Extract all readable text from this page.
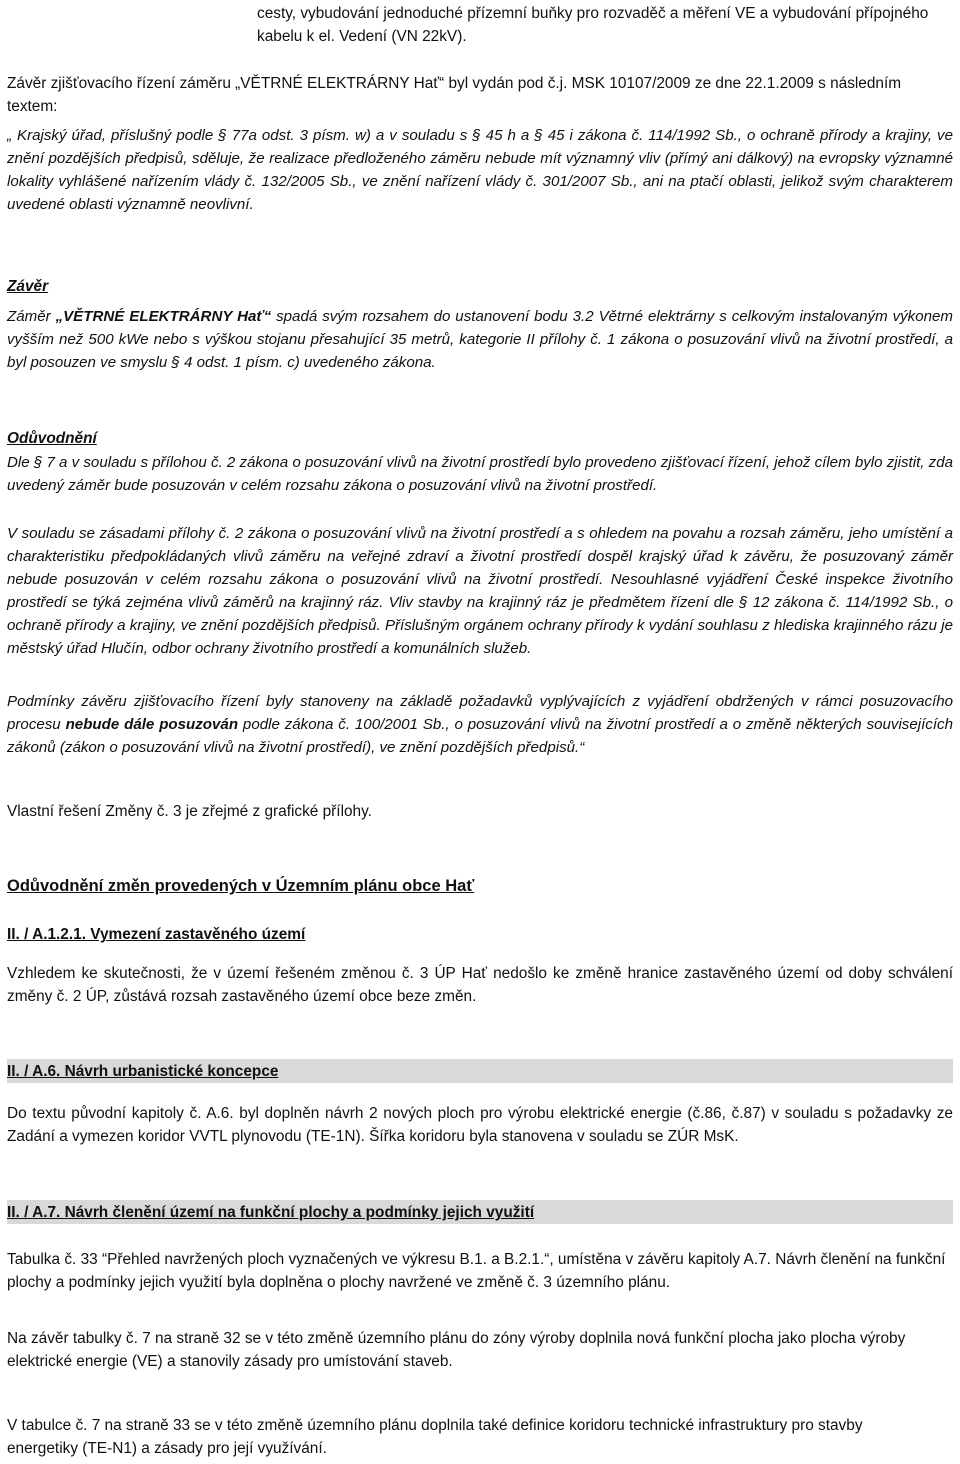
cesty, vybudování jednoduché přízemní buňky pro rozvaděč a měření VE a vybudování přípojného kabelu k el. Vedení (VN 22kV).

Závěr zjišťovacího řízení záměru „VĚTRNÉ ELEKTRÁRNY Hať“ byl vydán pod č.j. MSK 10107/2009 ze dne 22.1.2009 s následním textem:

„ Krajský úřad, příslušný podle § 77a odst. 3 písm. w) a v souladu s § 45 h a § 45 i zákona č. 114/1992 Sb., o ochraně přírody a krajiny, ve znění pozdějších předpisů, sděluje, že realizace předloženého záměru nebude mít významný vliv (přímý ani dálkový) na evropsky významné lokality vyhlášené nařízením vlády č. 132/2005 Sb., ve znění nařízení vlády č. 301/2007 Sb., ani na ptačí oblasti, jelikož svým charakterem uvedené oblasti významně neovlivní.

Závěr

Záměr „VĚTRNÉ ELEKTRÁRNY Hať“ spadá svým rozsahem do ustanovení bodu 3.2 Větrné elektrárny s celkovým instalovaným výkonem vyšším než 500 kWe nebo s výškou stojanu přesahující 35 metrů, kategorie II přílohy č. 1 zákona o posuzování vlivů na životní prostředí, a byl posouzen ve smyslu § 4 odst. 1 písm. c) uvedeného zákona.

Odůvodnění

Dle § 7 a v souladu s přílohou č. 2 zákona o posuzování vlivů na životní prostředí bylo provedeno zjišťovací řízení, jehož cílem bylo zjistit, zda uvedený záměr bude posuzován v celém rozsahu zákona o posuzování vlivů na životní prostředí.

V souladu se zásadami přílohy č. 2 zákona o posuzování vlivů na životní prostředí a s ohledem na povahu a rozsah záměru, jeho umístění a charakteristiku předpokládaných vlivů záměru na veřejné zdraví a životní prostředí dospěl krajský úřad k závěru, že posuzovaný záměr nebude posuzován v celém rozsahu zákona o posuzování vlivů na životní prostředí. Nesouhlasné vyjádření České inspekce životního prostředí se týká zejména vlivů záměrů na krajinný ráz. Vliv stavby na krajinný ráz je předmětem řízení dle § 12 zákona č. 114/1992 Sb., o ochraně přírody a krajiny, ve znění pozdějších předpisů. Příslušným orgánem ochrany přírody k vydání souhlasu z hlediska krajinného rázu je městský úřad Hlučín, odbor ochrany životního prostředí a komunálních služeb.

Podmínky závěru zjišťovacího řízení byly stanoveny na základě požadavků vyplývajících z vyjádření obdržených v rámci posuzovacího procesu nebude dále posuzován podle zákona č. 100/2001 Sb., o posuzování vlivů na životní prostředí a o změně některých souvisejících zákonů (zákon o posuzování vlivů na životní prostředí), ve znění pozdějších předpisů.“

Vlastní řešení Změny č. 3 je zřejmé z grafické přílohy.

Odůvodnění změn provedených v Územním plánu obce Hať

II. / A.1.2.1. Vymezení zastavěného území

Vzhledem ke skutečnosti, že v území řešeném změnou č. 3 ÚP Hať nedošlo ke změně hranice zastavěného území od doby schválení změny č. 2 ÚP, zůstává rozsah zastavěného území obce beze změn.

II. / A.6. Návrh urbanistické koncepce

Do textu původní kapitoly č. A.6. byl doplněn návrh 2 nových ploch pro výrobu elektrické energie (č.86, č.87) v souladu s požadavky ze Zadání a vymezen koridor VVTL plynovodu (TE-1N). Šířka koridoru byla stanovena v souladu se ZÚR MsK.

II. / A.7. Návrh členění území na funkční plochy a podmínky jejich využití

Tabulka č. 33 “Přehled navržených ploch vyznačených ve výkresu B.1. a B.2.1.“, umístěna v závěru kapitoly A.7. Návrh členění na funkční plochy a podmínky jejich využití byla doplněna o plochy navržené ve změně č. 3 územního plánu.

Na závěr tabulky č. 7 na straně 32 se v této změně územního plánu do zóny výroby doplnila nová funkční plocha jako plocha výroby elektrické energie (VE) a stanovily zásady pro umístování staveb.

V tabulce č. 7 na straně 33 se v této změně územního plánu doplnila také definice koridoru technické infrastruktury pro stavby energetiky (TE-N1) a zásady pro její využívání.
